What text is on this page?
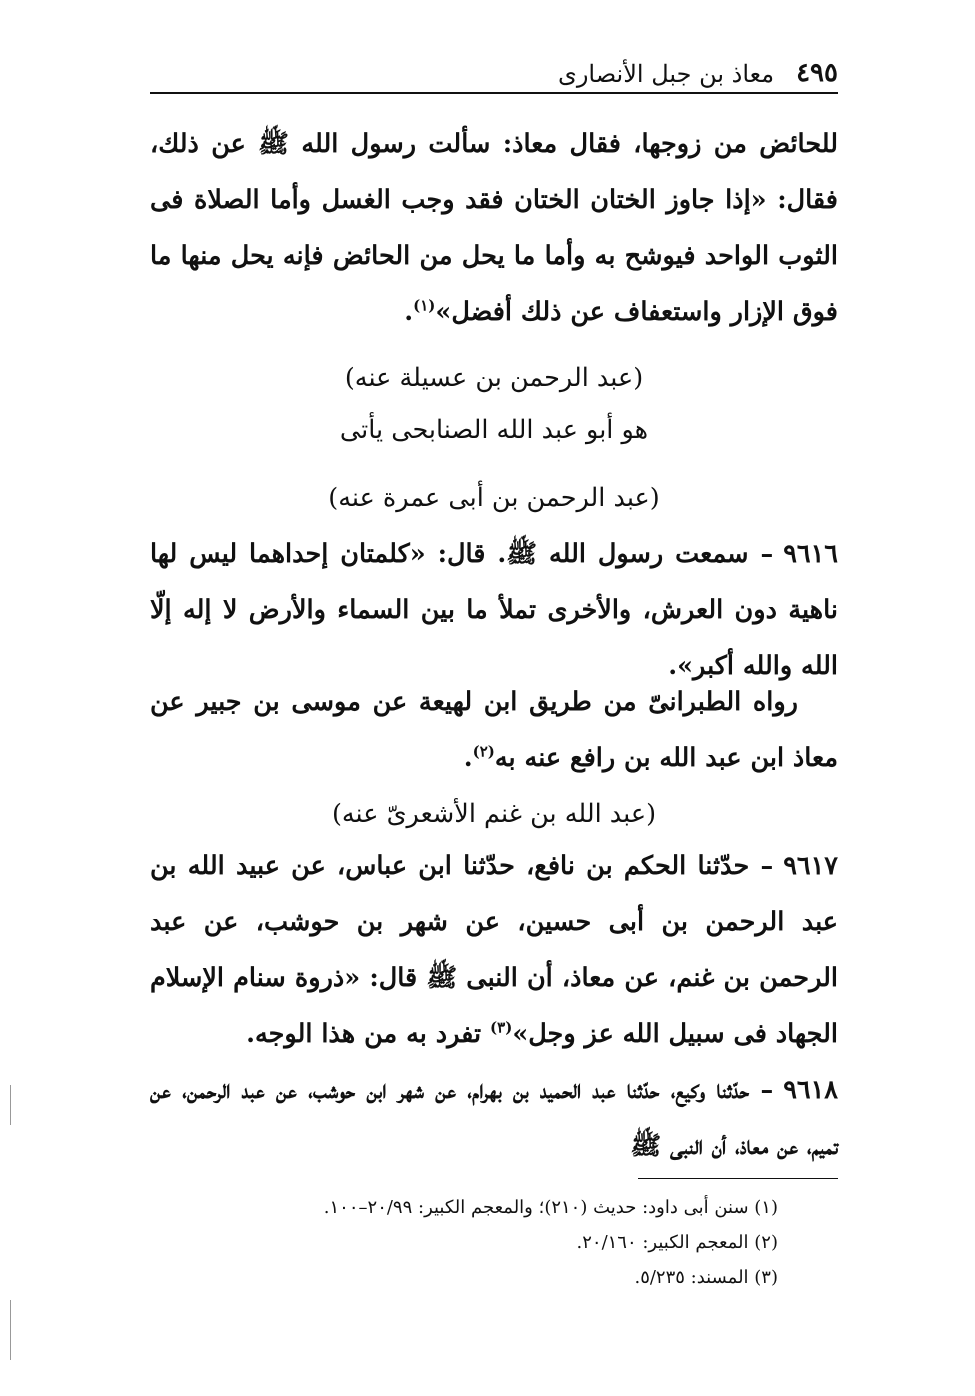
٤٩٥
معاذ بن جبل الأنصارى
للحائض من زوجها، فقال معاذ: سألت رسول الله ﷺ عن ذلك، فقال: «إذا جاوز الختان الختان فقد وجب الغسل وأما الصلاة فى الثوب الواحد فيوشح به وأما ما يحل من الحائض فإنه يحل منها ما فوق الإزار واستعفاف عن ذلك أفضل»$^{(١)}$.
(عبد الرحمن بن عسيلة عنه)
هو أبو عبد الله الصنابحى يأتى
(عبد الرحمن بن أبى عمرة عنه)
٩٦١٦– سمعت رسول الله ﷺ. قال: «كلمتان إحداهما ليس لها ناهية دون العرش، والأخرى تملأ ما بين السماء والأرض لا إله إلّا الله والله أكبر».
رواه الطبرانىّ من طريق ابن لهيعة عن موسى بن جبير عن معاذ ابن عبد الله بن رافع عنه به$^{(٢)}$.
(عبد الله بن غنم الأشعرىّ عنه)
٩٦١٧– حدّثنا الحكم بن نافع، حدّثنا ابن عباس، عن عبيد الله بن عبد الرحمن بن أبى حسين، عن شهر بن حوشب، عن عبد الرحمن بن غنم، عن معاذ، أن النبى ﷺ قال: «ذروة سنام الإسلام الجهاد فى سبيل الله عز وجل»$^{(٣)}$ تفرد به من هذا الوجه.
٩٦١٨– حدّثنا وكيع، حدّثنا عبد الحميد بن بهرام، عن شهر ابن حوشب، عن عبد الرحمن، عن تميم، عن معاذ، أن النبى ﷺ
(١) سنن أبى داود: حديث (٢١٠)؛ والمعجم الكبير: ٢٠/٩٩–١٠٠.
(٢) المعجم الكبير: ٢٠/١٦٠.
(٣) المسند: ٥/٢٣٥.
